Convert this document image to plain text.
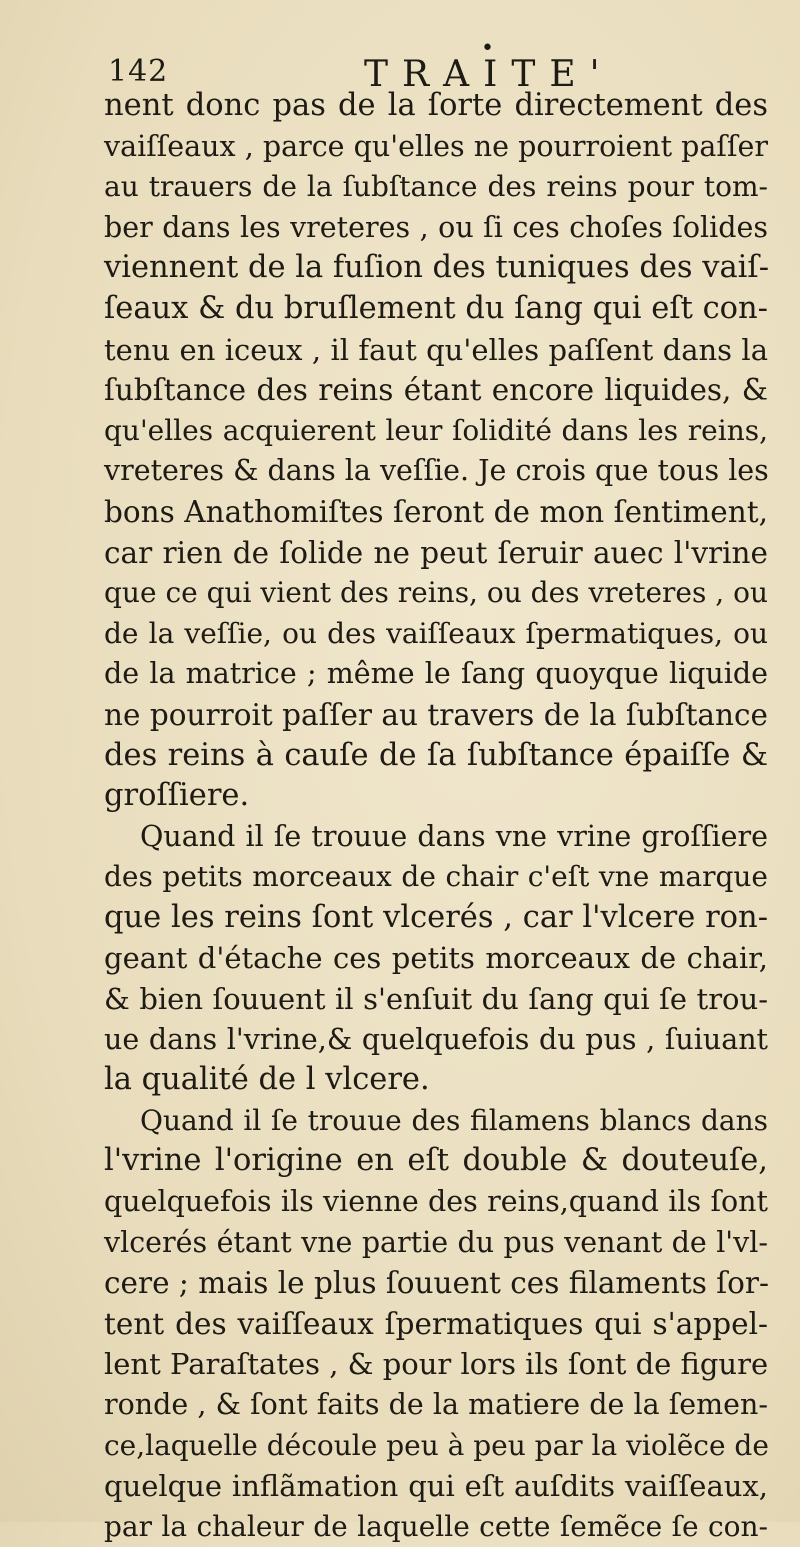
142
•
TRAITE'
nent donc pas de la ſorte directement des
vaiſſeaux , parce qu'elles ne pourroient paſſer
au trauers de la ſubſtance des reins pour tom-
ber dans les vreteres , ou ſi ces choſes ſolides
viennent de la fuſion des tuniques des vaiſ-
ſeaux & du bruſlement du ſang qui eſt con-
tenu en iceux , il faut qu'elles paſſent dans la
ſubſtance des reins étant encore liquides, &
qu'elles acquierent leur ſolidité dans les reins,
vreteres & dans la veſſie. Je crois que tous les
bons Anathomiſtes ſeront de mon ſentiment,
car rien de ſolide ne peut ſeruir auec l'vrine
que ce qui vient des reins, ou des vreteres , ou
de la veſſie, ou des vaiſſeaux ſpermatiques, ou
de la matrice ; même le ſang quoyque liquide
ne pourroit paſſer au travers de la ſubſtance
des reins à cauſe de ſa ſubſtance épaiſſe &
groſſiere.
Quand il ſe trouue dans vne vrine groſſiere
des petits morceaux de chair c'eſt vne marque
que les reins ſont vlcerés , car l'vlcere ron-
geant d'étache ces petits morceaux de chair,
& bien ſouuent il s'enſuit du ſang qui ſe trou-
ue dans l'vrine,& quelquefois du pus , ſuiuant
la qualité de l vlcere.
Quand il ſe trouue des filamens blancs dans
l'vrine l'origine en eſt double & douteuſe,
quelquefois ils vienne des reins,quand ils ſont
vlcerés étant vne partie du pus venant de l'vl-
cere ; mais le plus ſouuent ces filaments ſor-
tent des vaiſſeaux ſpermatiques qui s'appel-
lent Paraſtates , & pour lors ils ſont de figure
ronde , & ſont faits de la matiere de la ſemen-
ce,laquelle découle peu à peu par la violẽce de
quelque inflãmation qui eſt auſdits vaiſſeaux,
par la chaleur de laquelle cette ſemẽce ſe con-
